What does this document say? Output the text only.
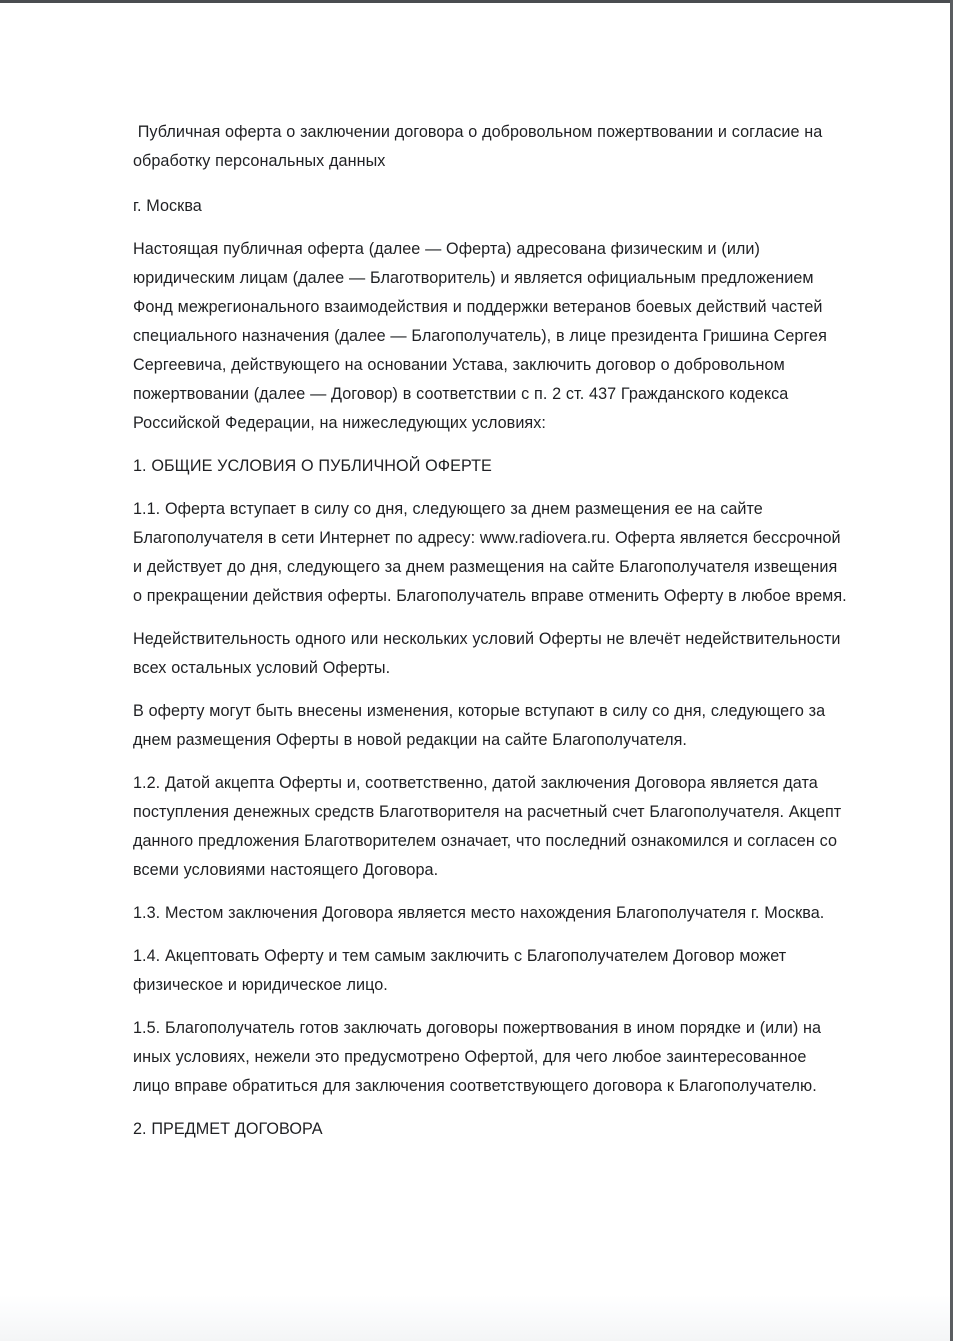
Публичная оферта о заключении договора о добровольном пожертвовании и согласие на обработку персональных данных

г. Москва

Настоящая публичная оферта (далее — Оферта) адресована физическим и (или) юридическим лицам (далее — Благотворитель) и является официальным предложением Фонд межрегионального взаимодействия и поддержки ветеранов боевых действий частей специального назначения (далее — Благополучатель), в лице президента Гришина Сергея Сергеевича, действующего на основании Устава, заключить договор о добровольном пожертвовании (далее — Договор) в соответствии с п. 2 ст. 437 Гражданского кодекса Российской Федерации, на нижеследующих условиях:

1. ОБЩИЕ УСЛОВИЯ О ПУБЛИЧНОЙ ОФЕРТЕ

1.1. Оферта вступает в силу со дня, следующего за днем размещения ее на сайте Благополучателя в сети Интернет по адресу: www.radiovera.ru. Оферта является бессрочной и действует до дня, следующего за днем размещения на сайте Благополучателя извещения о прекращении действия оферты. Благополучатель вправе отменить Оферту в любое время.

Недействительность одного или нескольких условий Оферты не влечёт недействительности всех остальных условий Оферты.

В оферту могут быть внесены изменения, которые вступают в силу со дня, следующего за днем размещения Оферты в новой редакции на сайте Благополучателя.

1.2. Датой акцепта Оферты и, соответственно, датой заключения Договора является дата поступления денежных средств Благотворителя на расчетный счет Благополучателя. Акцепт данного предложения Благотворителем означает, что последний ознакомился и согласен со всеми условиями настоящего Договора.

1.3. Местом заключения Договора является место нахождения Благополучателя г. Москва.

1.4. Акцептовать Оферту и тем самым заключить с Благополучателем Договор может физическое и юридическое лицо.

1.5. Благополучатель готов заключать договоры пожертвования в ином порядке и (или) на иных условиях, нежели это предусмотрено Офертой, для чего любое заинтересованное лицо вправе обратиться для заключения соответствующего договора к Благополучателю.

2. ПРЕДМЕТ ДОГОВОРА
